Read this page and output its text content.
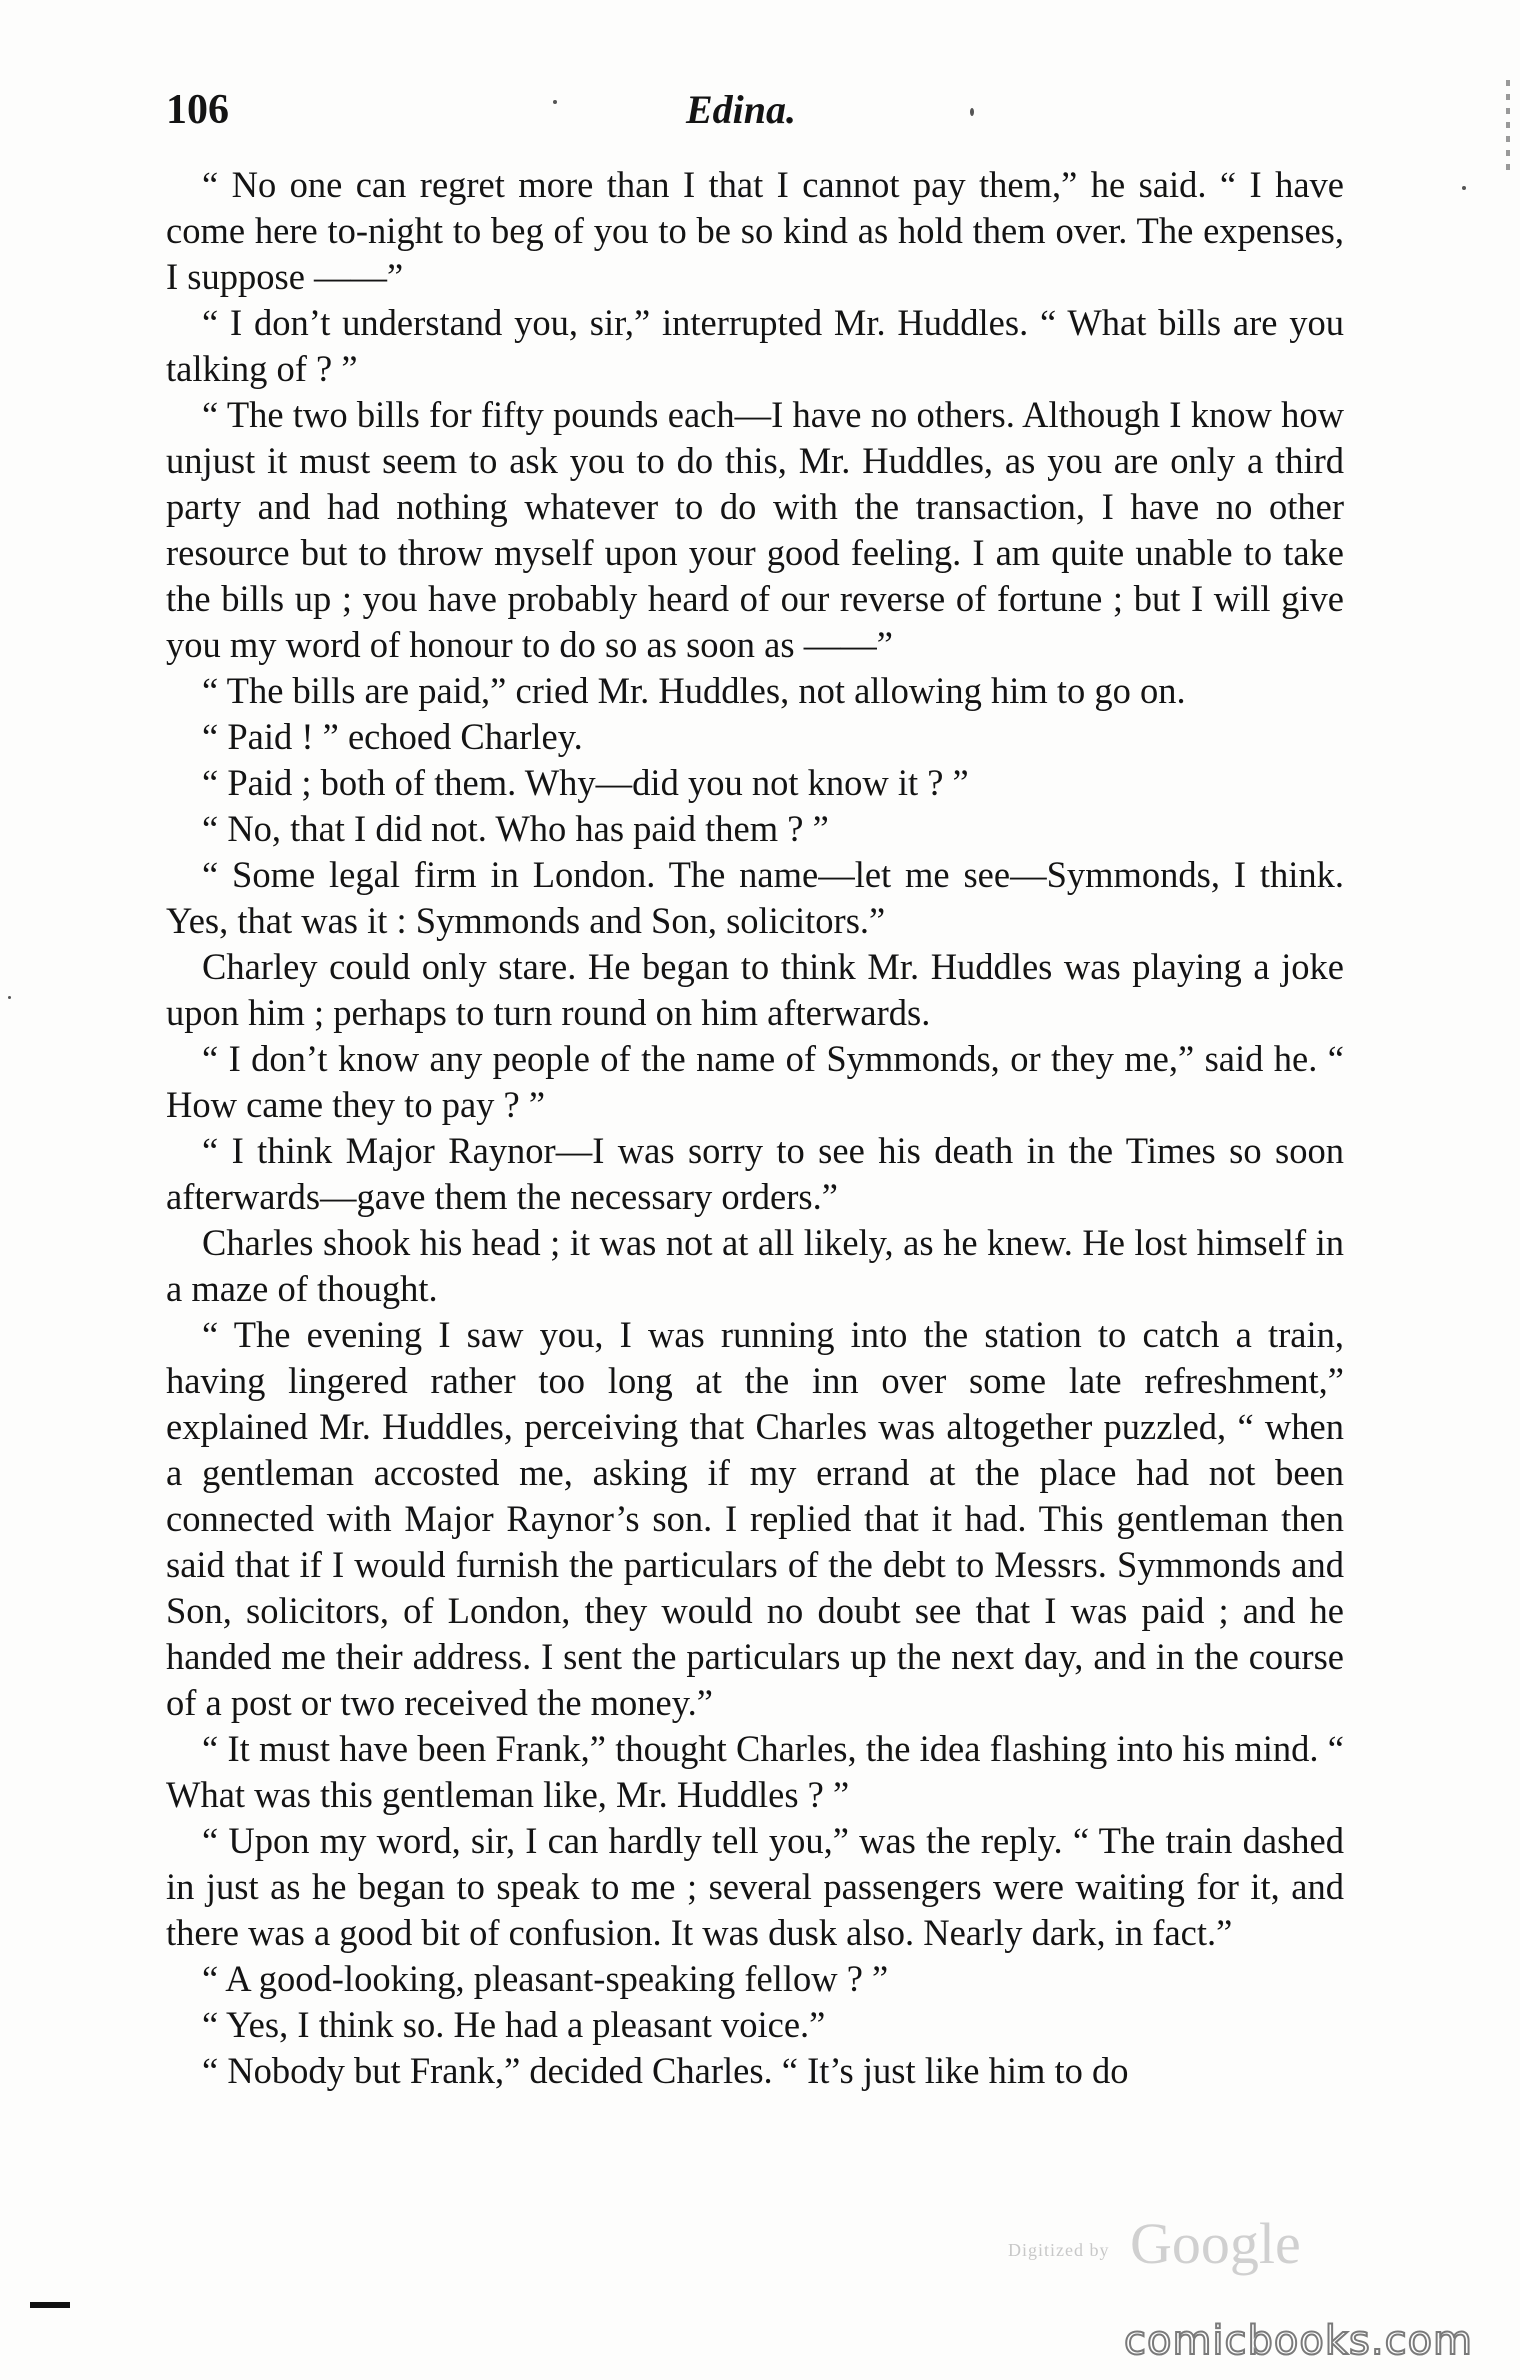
106	Edina.

“ No one can regret more than I that I cannot pay them,” he said. “ I have come here to-night to beg of you to be so kind as hold them over. The expenses, I suppose ——”

“ I don’t understand you, sir,” interrupted Mr. Huddles. “ What bills are you talking of ? ”

“ The two bills for fifty pounds each—I have no others. Although I know how unjust it must seem to ask you to do this, Mr. Huddles, as you are only a third party and had nothing whatever to do with the transaction, I have no other resource but to throw myself upon your good feeling. I am quite unable to take the bills up ; you have probably heard of our reverse of fortune ; but I will give you my word of honour to do so as soon as ——”

“ The bills are paid,” cried Mr. Huddles, not allowing him to go on.

“ Paid ! ” echoed Charley.

“ Paid ; both of them. Why—did you not know it ? ”

“ No, that I did not. Who has paid them ? ”

“ Some legal firm in London. The name—let me see—Symmonds, I think. Yes, that was it : Symmonds and Son, solicitors.”

Charley could only stare. He began to think Mr. Huddles was playing a joke upon him ; perhaps to turn round on him afterwards.

“ I don’t know any people of the name of Symmonds, or they me,” said he. “ How came they to pay ? ”

“ I think Major Raynor—I was sorry to see his death in the Times so soon afterwards—gave them the necessary orders.”

Charles shook his head ; it was not at all likely, as he knew. He lost himself in a maze of thought.

“ The evening I saw you, I was running into the station to catch a train, having lingered rather too long at the inn over some late refreshment,” explained Mr. Huddles, perceiving that Charles was altogether puzzled, “ when a gentleman accosted me, asking if my errand at the place had not been connected with Major Raynor’s son. I replied that it had. This gentleman then said that if I would furnish the particulars of the debt to Messrs. Symmonds and Son, solicitors, of London, they would no doubt see that I was paid ; and he handed me their address. I sent the particulars up the next day, and in the course of a post or two received the money.”

“ It must have been Frank,” thought Charles, the idea flashing into his mind. “ What was this gentleman like, Mr. Huddles ? ”

“ Upon my word, sir, I can hardly tell you,” was the reply. “ The train dashed in just as he began to speak to me ; several passengers were waiting for it, and there was a good bit of confusion. It was dusk also. Nearly dark, in fact.”

“ A good-looking, pleasant-speaking fellow ? ”

“ Yes, I think so. He had a pleasant voice.”

“ Nobody but Frank,” decided Charles. “ It’s just like him to do

Google
Digitized by
comicbooks.com
